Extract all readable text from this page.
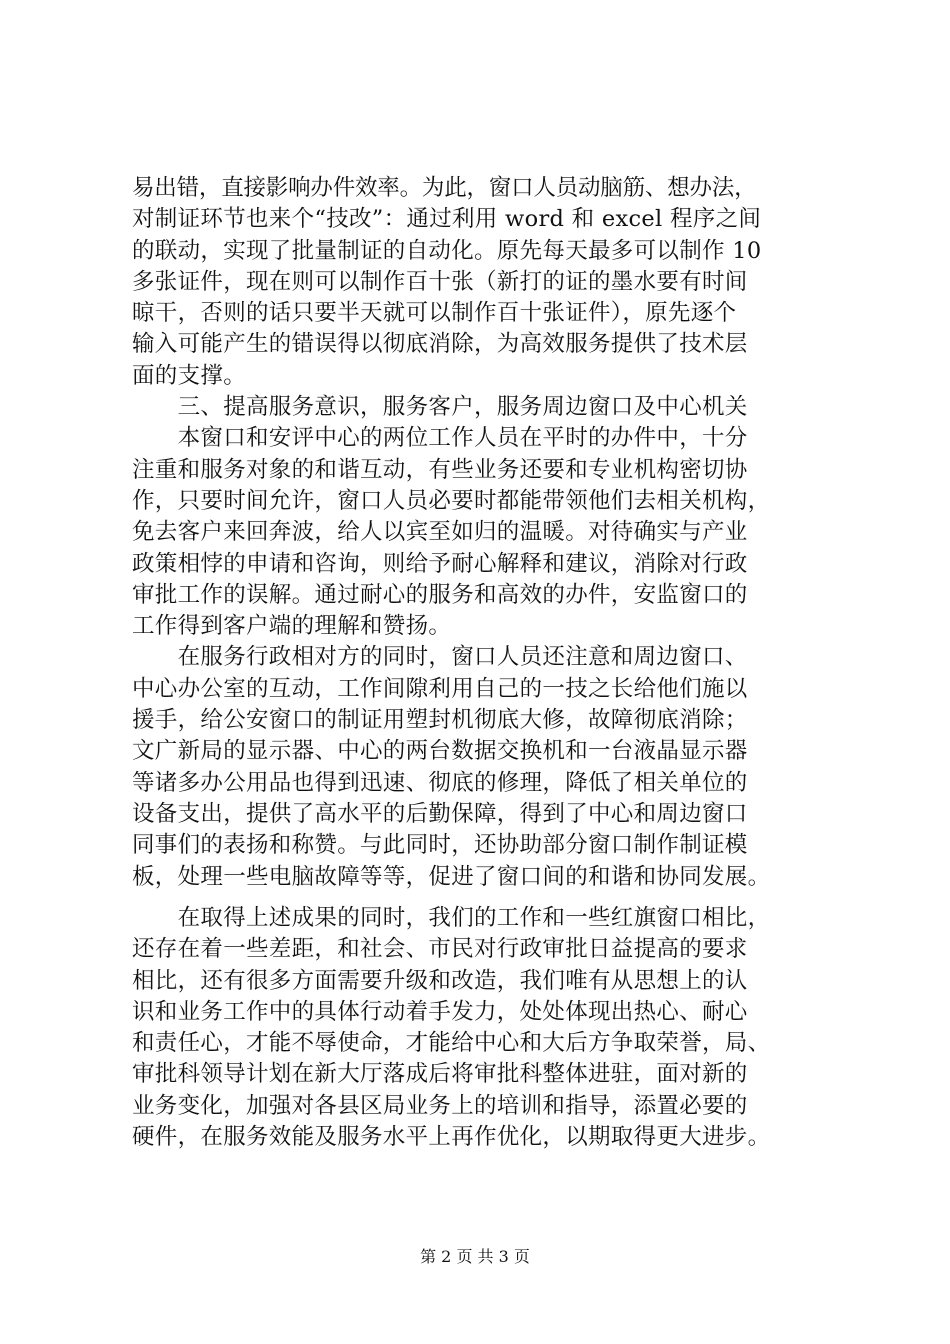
易出错，直接影响办件效率。为此，窗口人员动脑筋、想办法，
对制证环节也来个“技改”：通过利用 word 和 excel 程序之间
的联动，实现了批量制证的自动化。原先每天最多可以制作 10
多张证件，现在则可以制作百十张（新打的证的墨水要有时间
晾干，否则的话只要半天就可以制作百十张证件），原先逐个
输入可能产生的错误得以彻底消除，为高效服务提供了技术层
面的支撑。
　　三、提高服务意识，服务客户，服务周边窗口及中心机关
　　本窗口和安评中心的两位工作人员在平时的办件中，十分
注重和服务对象的和谐互动，有些业务还要和专业机构密切协
作，只要时间允许，窗口人员必要时都能带领他们去相关机构，
免去客户来回奔波，给人以宾至如归的温暖。对待确实与产业
政策相悖的申请和咨询，则给予耐心解释和建议，消除对行政
审批工作的误解。通过耐心的服务和高效的办件，安监窗口的
工作得到客户端的理解和赞扬。
　　在服务行政相对方的同时，窗口人员还注意和周边窗口、
中心办公室的互动，工作间隙利用自己的一技之长给他们施以
援手，给公安窗口的制证用塑封机彻底大修，故障彻底消除；
文广新局的显示器、中心的两台数据交换机和一台液晶显示器
等诸多办公用品也得到迅速、彻底的修理，降低了相关单位的
设备支出，提供了高水平的后勤保障，得到了中心和周边窗口
同事们的表扬和称赞。与此同时，还协助部分窗口制作制证模
板，处理一些电脑故障等等，促进了窗口间的和谐和协同发展。
　　在取得上述成果的同时，我们的工作和一些红旗窗口相比，
还存在着一些差距，和社会、市民对行政审批日益提高的要求
相比，还有很多方面需要升级和改造，我们唯有从思想上的认
识和业务工作中的具体行动着手发力，处处体现出热心、耐心
和责任心，才能不辱使命，才能给中心和大后方争取荣誉，局、
审批科领导计划在新大厅落成后将审批科整体进驻，面对新的
业务变化，加强对各县区局业务上的培训和指导，添置必要的
硬件，在服务效能及服务水平上再作优化，以期取得更大进步。
第 2 页 共 3 页
